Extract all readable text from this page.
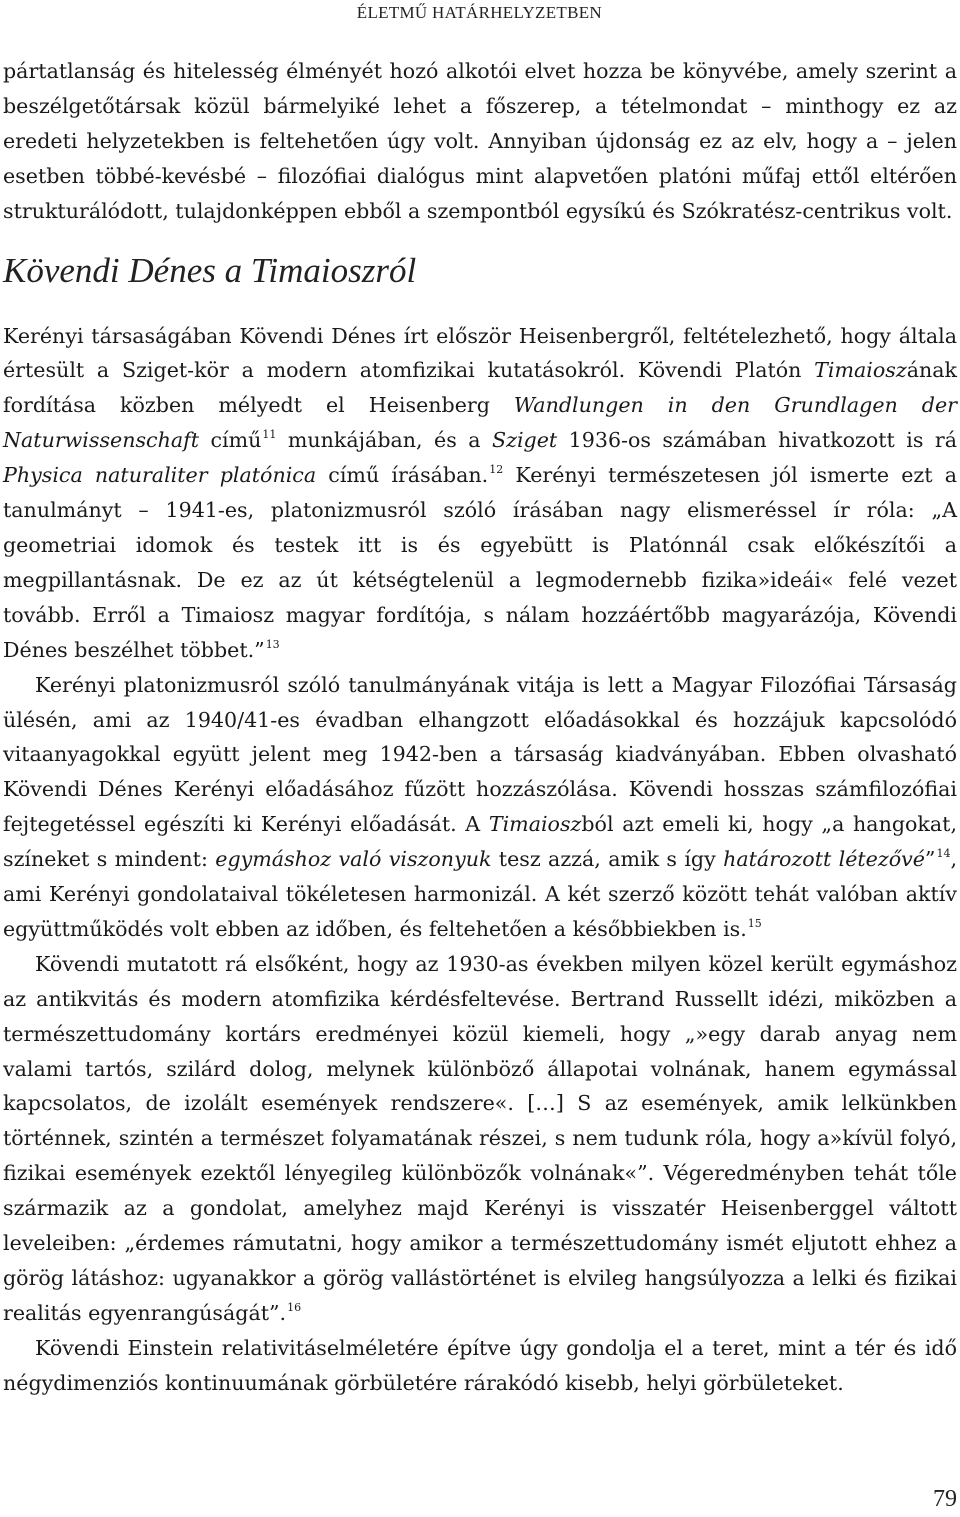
ÉLETMŰ HATÁRHELYZETBEN

pártatlanság és hitelesség élményét hozó alkotói elvet hozza be könyvébe, amely szerint a beszélgetőtársak közül bármelyiké lehet a főszerep, a tételmondat – minthogy ez az eredeti helyzetekben is feltehetően úgy volt. Annyiban újdonság ez az elv, hogy a – jelen esetben többé-kevésbé – filozófiai dialógus mint alapvetően platóni műfaj ettől eltérően strukturálódott, tulajdonképpen ebből a szempontból egysíkú és Szókratész-centrikus volt.

Kövendi Dénes a Timaioszról

Kerényi társaságában Kövendi Dénes írt először Heisenbergről, feltételezhető, hogy általa értesült a Sziget-kör a modern atomfizikai kutatásokról. Kövendi Platón Timaioszának fordítása közben mélyedt el Heisenberg Wandlungen in den Grundlagen der Naturwissenschaft című$^{11}$ munkájában, és a Sziget 1936-os számában hivatkozott is rá Physica naturaliter platónica című írásában.$^{12}$ Kerényi természetesen jól ismerte ezt a tanulmányt – 1941-es, platonizmusról szóló írásában nagy elismeréssel ír róla: „A geometriai idomok és testek itt is és egyebütt is Platónnál csak előkészítői a megpillantásnak. De ez az út kétségtelenül a legmodernebb fizika»ideái« felé vezet tovább. Erről a Timaiosz magyar fordítója, s nálam hozzáértőbb magyarázója, Kövendi Dénes beszélhet többet.”$^{13}$

Kerényi platonizmusról szóló tanulmányának vitája is lett a Magyar Filozófiai Társaság ülésén, ami az 1940/41-es évadban elhangzott előadásokkal és hozzájuk kapcsolódó vitaanyagokkal együtt jelent meg 1942-ben a társaság kiadványában. Ebben olvasható Kövendi Dénes Kerényi előadásához fűzött hozzászólása. Kövendi hosszas számfilozófiai fejtegetéssel egészíti ki Kerényi előadását. A Timaioszból azt emeli ki, hogy „a hangokat, színeket s mindent: egymáshoz való viszonyuk tesz azzá, amik s így határozott létezővé”$^{14}$, ami Kerényi gondolataival tökéletesen harmonizál. A két szerző között tehát valóban aktív együttműködés volt ebben az időben, és feltehetően a későbbiekben is.$^{15}$

Kövendi mutatott rá elsőként, hogy az 1930-as években milyen közel került egymáshoz az antikvitás és modern atomfizika kérdésfeltevése. Bertrand Russellt idézi, miközben a természettudomány kortárs eredményei közül kiemeli, hogy „»egy darab anyag nem valami tartós, szilárd dolog, melynek különböző állapotai volnának, hanem egymással kapcsolatos, de izolált események rendszere«. […] S az események, amik lelkünkben történnek, szintén a természet folyamatának részei, s nem tudunk róla, hogy a»kívül folyó, fizikai események ezektől lényegileg különbözők volnának«”. Végeredményben tehát tőle származik az a gondolat, amelyhez majd Kerényi is visszatér Heisenberggel váltott leveleiben: „érdemes rámutatni, hogy amikor a természettudomány ismét eljutott ehhez a görög látáshoz: ugyanakkor a görög vallástörténet is elvileg hangsúlyozza a lelki és fizikai realitás egyenrangúságát”.$^{16}$

Kövendi Einstein relativitáselméletére építve úgy gondolja el a teret, mint a tér és idő négydimenziós kontinuumának görbületére rárakódó kisebb, helyi görbületeket.

79
